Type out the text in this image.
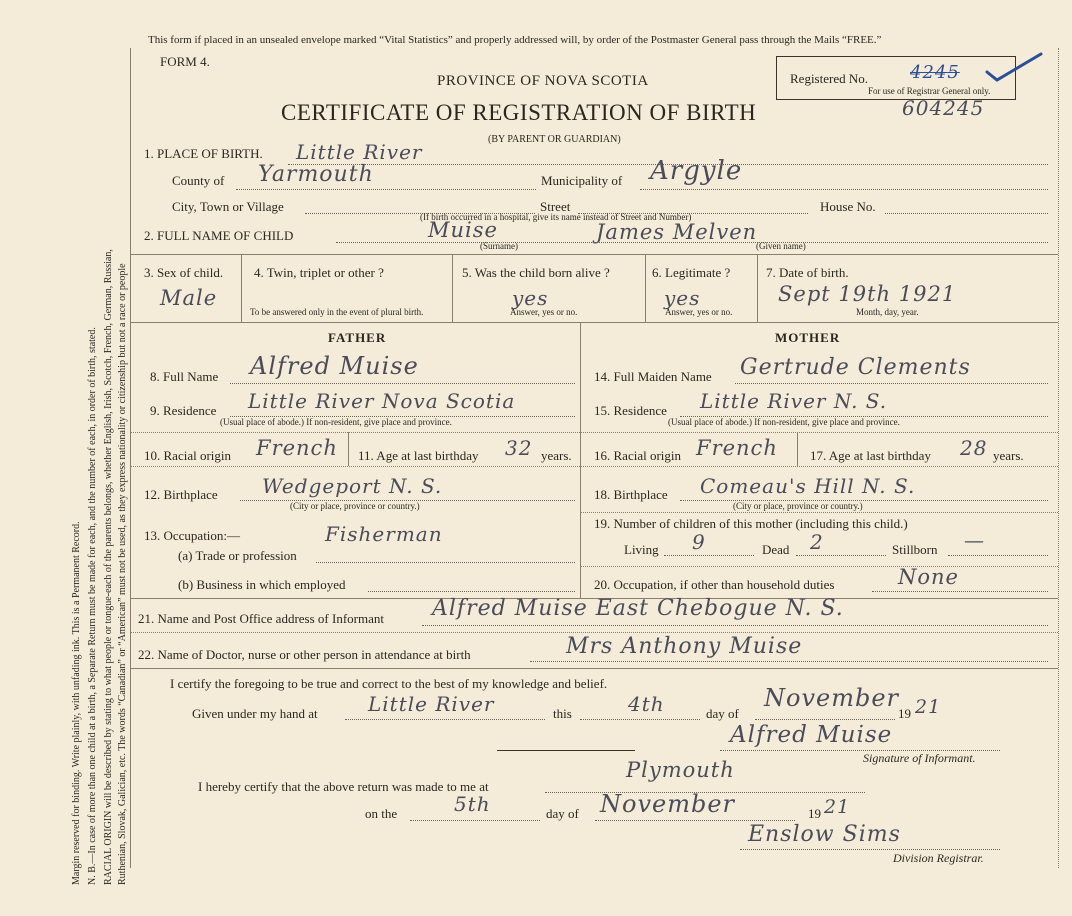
Margin reserved for binding. Write plainly, with unfading ink. This is a Permanent Record. N. B.—In case of more than one child at a birth, a Separate Return must be made for each, and the number of each, in order of birth, stated. RACIAL ORIGIN will be described by stating to what people or tongue-each of the parents belongs, whether English, Irish, Scotch, French, German, Russian, Ruthenian, Slovak, Galician, etc. The words “Canadian” or “American” must not be used, as they express nationality or citizenship but not a race or people
This form if placed in an unsealed envelope marked “Vital Statistics” and properly addressed will, by order of the Postmaster General pass through the Mails “FREE.”
FORM 4.
PROVINCE OF NOVA SCOTIA
CERTIFICATE OF REGISTRATION OF BIRTH
(BY PARENT OR GUARDIAN)
Registered No. 4245
For use of Registrar General only.
604245
1. PLACE OF BIRTH. Little River
County of Yarmouth	Municipality of Argyle
City, Town or Village	Street	House No.
(If birth occurred in a hospital, give its name instead of Street and Number)
2. FULL NAME OF CHILD	Muise	James Melven
(Surname)	(Given name)
3. Sex of child.
Male
4. Twin, triplet or other ?
To be answered only in the event of plural birth.
5. Was the child born alive ?
yes
Answer, yes or no.
6. Legitimate ?
yes
Answer, yes or no.
7. Date of birth.
Sept 19th 1921
Month, day, year.
FATHER	MOTHER
8. Full Name Alfred Muise	14. Full Maiden Name Gertrude Clements
9. Residence Little River Nova Scotia
(Usual place of abode.) If non-resident, give place and province.
15. Residence Little River N. S.
(Usual place of abode.) If non-resident, give place and province.
10. Racial origin French 11. Age at last birthday 32 years. 16. Racial origin French 17. Age at last birthday 28 years.
12. Birthplace Wedgeport N. S.
(City or place, province or country.)
18. Birthplace Comeau's Hill N. S.
(City or place, province or country.)
13. Occupation:—	Fisherman
(a) Trade or profession
(b) Business in which employed
19. Number of children of this mother (including this child.)
Living 9	Dead 2	Stillborn —
20. Occupation, if other than household duties	None
21. Name and Post Office address of Informant Alfred Muise East Chebogue N. S.
22. Name of Doctor, nurse or other person in attendance at birth	Mrs Anthony Muise
I certify the foregoing to be true and correct to the best of my knowledge and belief.
Given under my hand at	Little River	this	4th	day of
November
19 21
Alfred Muise
Signature of Informant.
I hereby certify that the above return was made to me at
Plymouth
on the	5th	day of November	19 21
Enslow Sims
Division Registrar.
